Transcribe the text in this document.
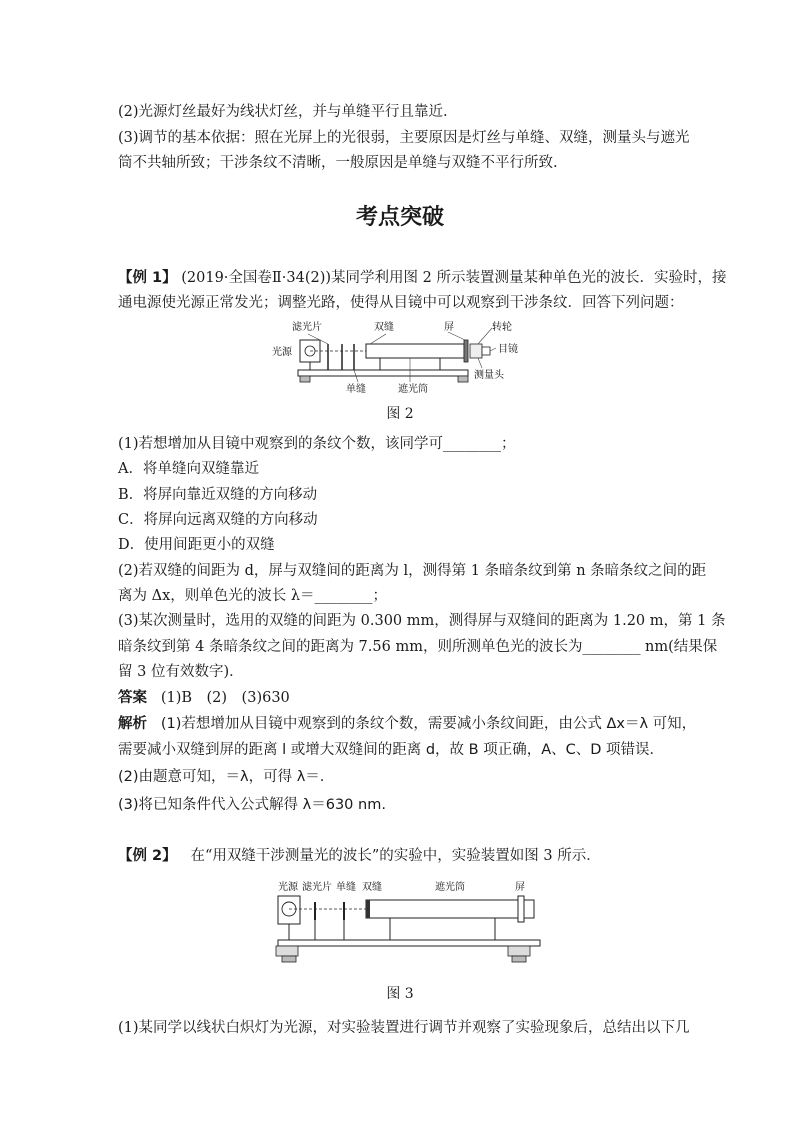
(2)光源灯丝最好为线状灯丝，并与单缝平行且靠近.
(3)调节的基本依据：照在光屏上的光很弱，主要原因是灯丝与单缝、双缝，测量头与遮光
筒不共轴所致；干涉条纹不清晰，一般原因是单缝与双缝不平行所致.
考点突破
【例 1】 (2019·全国卷Ⅱ·34(2))某同学利用图 2 所示装置测量某种单色光的波长．实验时，接
通电源使光源正常发光；调整光路，使得从目镜中可以观察到干涉条纹．回答下列问题：
光源
滤光片	双缝	屏	转轮
目镜
单缝	遮光筒
测量头
图 2
(1)若想增加从目镜中观察到的条纹个数，该同学可________；
A．将单缝向双缝靠近
B．将屏向靠近双缝的方向移动
C．将屏向远离双缝的方向移动
D．使用间距更小的双缝
(2)若双缝的间距为 d，屏与双缝间的距离为 l，测得第 1 条暗条纹到第 n 条暗条纹之间的距
离为 Δx，则单色光的波长 λ＝________；
(3)某次测量时，选用的双缝的间距为 0.300 mm，测得屏与双缝间的距离为 1.20 m，第 1 条
暗条纹到第 4 条暗条纹之间的距离为 7.56 mm，则所测单色光的波长为________ nm(结果保
留 3 位有效数字)．
答案 (1)B　(2)　(3)630
解析 (1)若想增加从目镜中观察到的条纹个数，需要减小条纹间距，由公式 Δx＝λ 可知，
需要减小双缝到屏的距离 l 或增大双缝间的距离 d，故 B 项正确，A、C、D 项错误．
(2)由题意可知，＝λ，可得 λ＝.
(3)将已知条件代入公式解得 λ＝630 nm.
【例 2】 在“用双缝干涉测量光的波长”的实验中，实验装置如图 3 所示．
光源 滤光片 单缝 双缝	遮光筒	屏
图 3
(1)某同学以线状白炽灯为光源，对实验装置进行调节并观察了实验现象后，总结出以下几
